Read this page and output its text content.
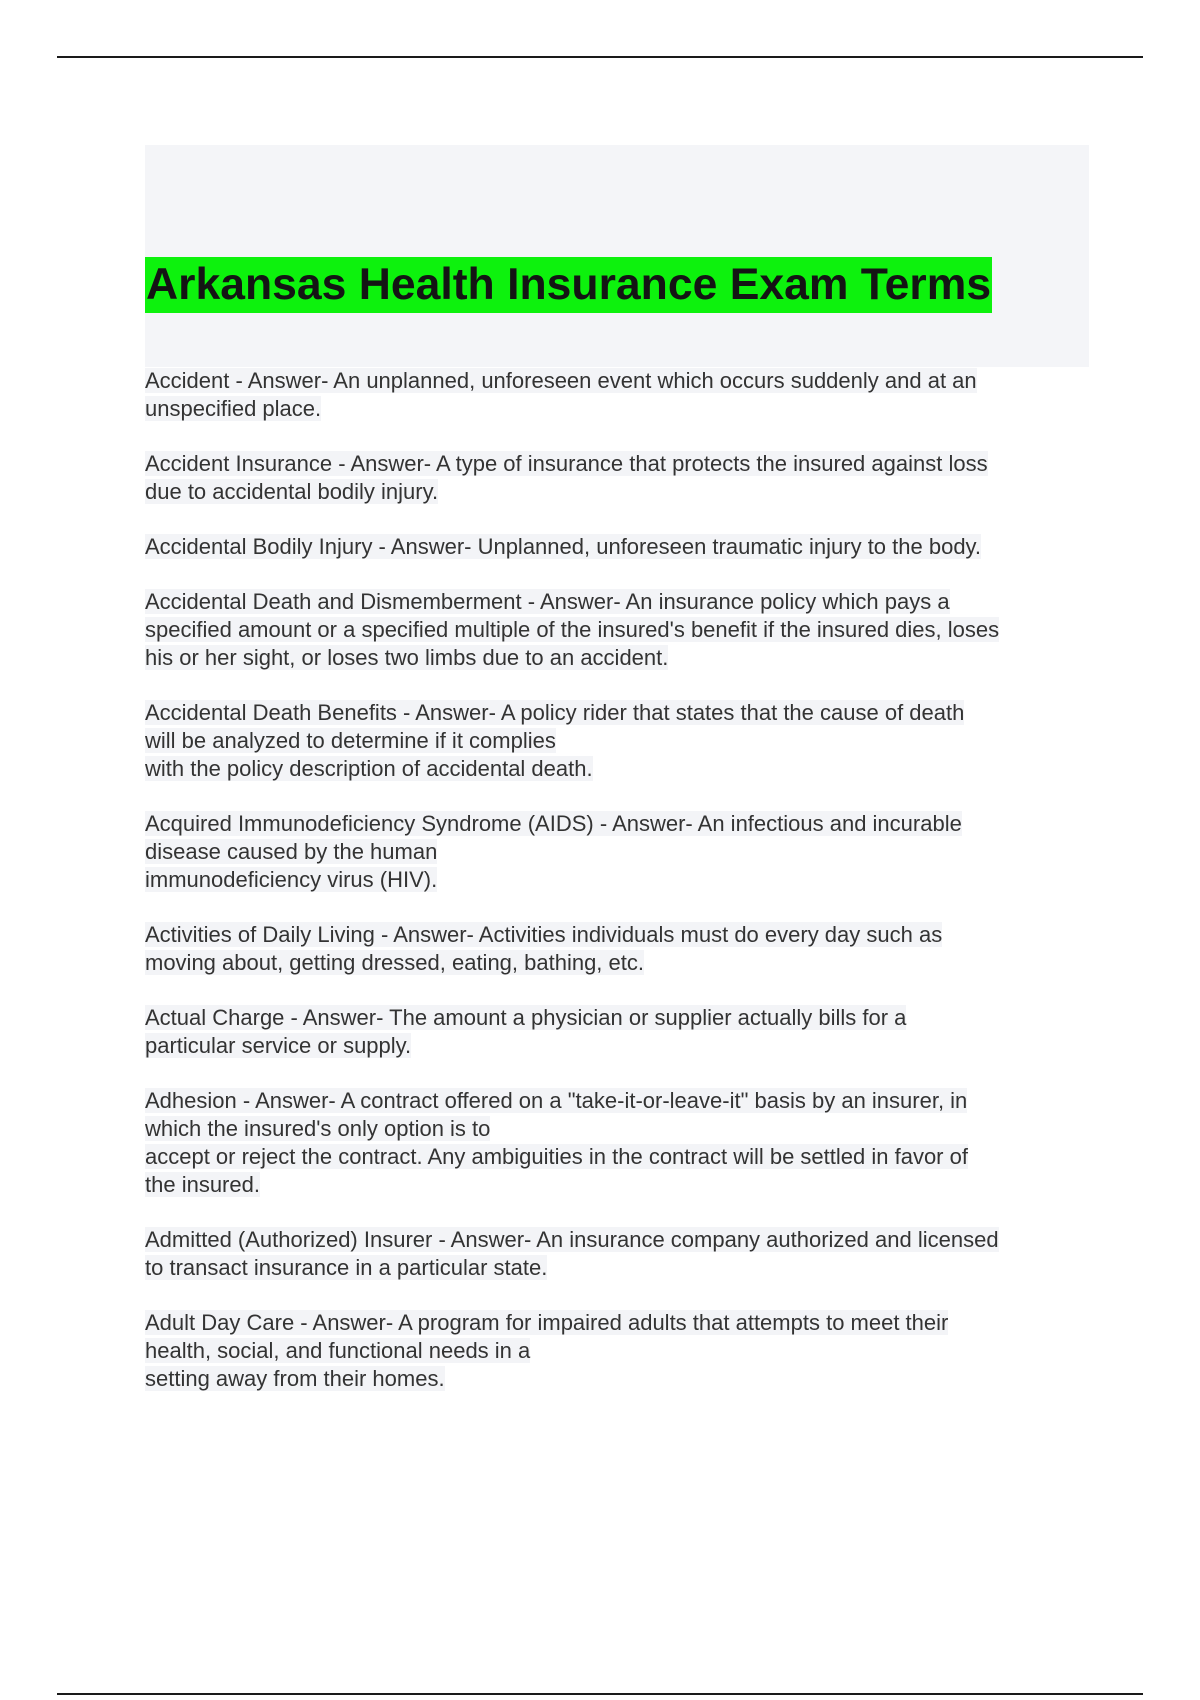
Arkansas Health Insurance Exam Terms

Accident - Answer- An unplanned, unforeseen event which occurs suddenly and at an
unspecified place.

Accident Insurance - Answer- A type of insurance that protects the insured against loss
due to accidental bodily injury.

Accidental Bodily Injury - Answer- Unplanned, unforeseen traumatic injury to the body.

Accidental Death and Dismemberment - Answer- An insurance policy which pays a
specified amount or a specified multiple of the insured's benefit if the insured dies, loses
his or her sight, or loses two limbs due to an accident.

Accidental Death Benefits - Answer- A policy rider that states that the cause of death
will be analyzed to determine if it complies
with the policy description of accidental death.

Acquired Immunodeficiency Syndrome (AIDS) - Answer- An infectious and incurable
disease caused by the human
immunodeficiency virus (HIV).

Activities of Daily Living - Answer- Activities individuals must do every day such as
moving about, getting dressed, eating, bathing, etc.

Actual Charge - Answer- The amount a physician or supplier actually bills for a
particular service or supply.

Adhesion - Answer- A contract offered on a "take-it-or-leave-it" basis by an insurer, in
which the insured's only option is to
accept or reject the contract. Any ambiguities in the contract will be settled in favor of
the insured.

Admitted (Authorized) Insurer - Answer- An insurance company authorized and licensed
to transact insurance in a particular state.

Adult Day Care - Answer- A program for impaired adults that attempts to meet their
health, social, and functional needs in a
setting away from their homes.
